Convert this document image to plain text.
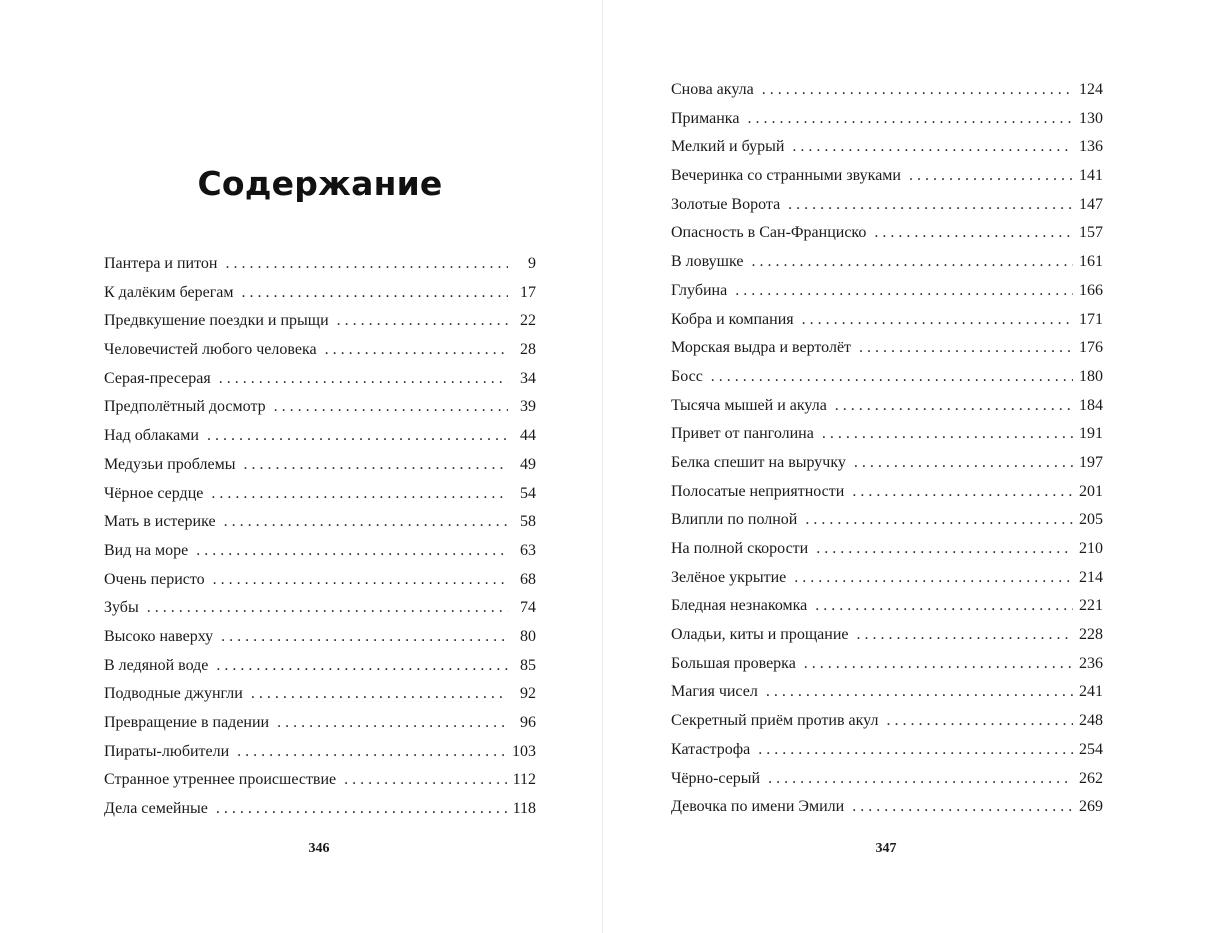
Содержание
Пантера и питон . . .	9
К далёким берегам . . .	17
Предвкушение поездки и прыщи . . .	22
Человечистей любого человека . . .	28
Серая-пресерая . . .	34
Предполётный досмотр . . .	39
Над облаками . . .	44
Медузьи проблемы . . .	49
Чёрное сердце . . .	54
Мать в истерике . . .	58
Вид на море . . .	63
Очень перисто . . .	68
Зубы . . .	74
Высоко наверху . . .	80
В ледяной воде . . .	85
Подводные джунгли . . .	92
Превращение в падении . . .	96
Пираты-любители . . .	103
Странное утреннее происшествие . . .	112
Дела семейные . . .	118
346
Снова акула . . .	124
Приманка . . .	130
Мелкий и бурый . . .	136
Вечеринка со странными звуками . . .	141
Золотые Ворота . . .	147
Опасность в Сан-Франциско . . .	157
В ловушке . . .	161
Глубина . . .	166
Кобра и компания . . .	171
Морская выдра и вертолёт . . .	176
Босс . . .	180
Тысяча мышей и акула . . .	184
Привет от панголина . . .	191
Белка спешит на выручку . . .	197
Полосатые неприятности . . .	201
Влипли по полной . . .	205
На полной скорости . . .	210
Зелёное укрытие . . .	214
Бледная незнакомка . . .	221
Оладьи, киты и прощание . . .	228
Большая проверка . . .	236
Магия чисел . . .	241
Секретный приём против акул . . .	248
Катастрофа . . .	254
Чёрно-серый . . .	262
Девочка по имени Эмили . . .	269
347
